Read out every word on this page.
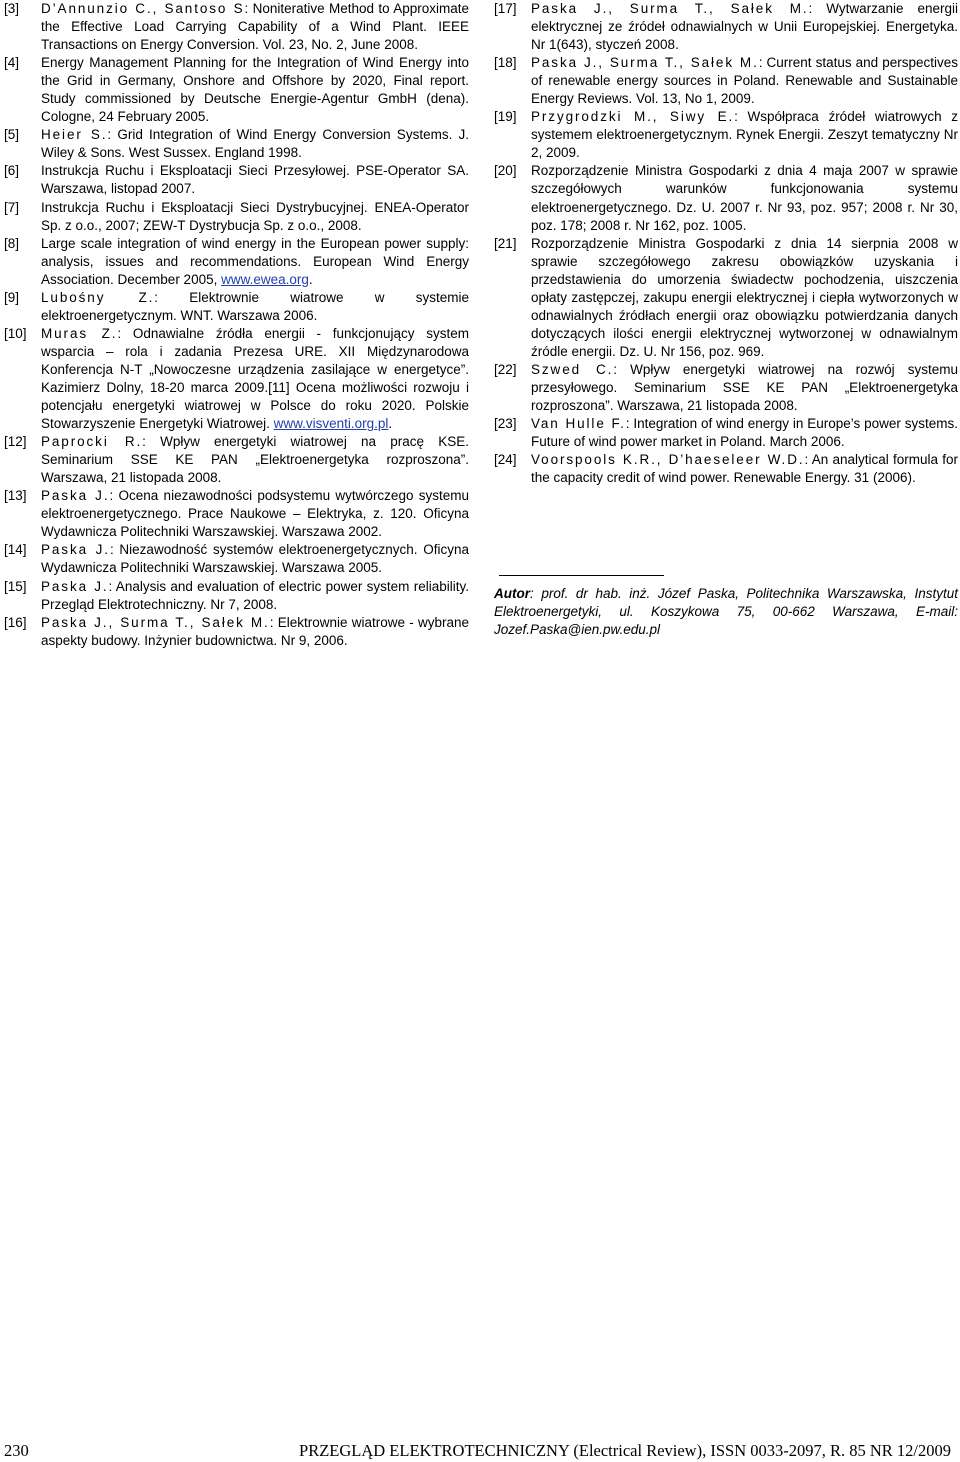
[3] D’Annunzio C., Santoso S: Noniterative Method to Approximate the Effective Load Carrying Capability of a Wind Plant. IEEE Transactions on Energy Conversion. Vol. 23, No. 2, June 2008.

[4] Energy Management Planning for the Integration of Wind Energy into the Grid in Germany, Onshore and Offshore by 2020, Final report. Study commissioned by Deutsche Energie-Agentur GmbH (dena). Cologne, 24 February 2005.

[5] Heier S.: Grid Integration of Wind Energy Conversion Systems. J. Wiley & Sons. West Sussex. England 1998.

[6] Instrukcja Ruchu i Eksploatacji Sieci Przesyłowej. PSE-Operator SA. Warszawa, listopad 2007.

[7] Instrukcja Ruchu i Eksploatacji Sieci Dystrybucyjnej. ENEA-Operator Sp. z o.o., 2007; ZEW-T Dystrybucja Sp. z o.o., 2008.

[8] Large scale integration of wind energy in the European power supply: analysis, issues and recommendations. European Wind Energy Association. December 2005, www.ewea.org.

[9] Lubośny Z.: Elektrownie wiatrowe w systemie elektroenergetycznym. WNT. Warszawa 2006.

[10] Muras Z.: Odnawialne źródła energii - funkcjonujący system wsparcia – rola i zadania Prezesa URE. XII Międzynarodowa Konferencja N-T „Nowoczesne urządzenia zasilające w energetyce”. Kazimierz Dolny, 18-20 marca 2009.[11] Ocena możliwości rozwoju i potencjału energetyki wiatrowej w Polsce do roku 2020. Polskie Stowarzyszenie Energetyki Wiatrowej. www.visventi.org.pl.

[12] Paprocki R.: Wpływ energetyki wiatrowej na pracę KSE. Seminarium SSE KE PAN „Elektroenergetyka rozproszona”. Warszawa, 21 listopada 2008.

[13] Paska J.: Ocena niezawodności podsystemu wytwórczego systemu elektroenergetycznego. Prace Naukowe – Elektryka, z. 120. Oficyna Wydawnicza Politechniki Warszawskiej. Warszawa 2002.

[14] Paska J.: Niezawodność systemów elektroenergetycznych. Oficyna Wydawnicza Politechniki Warszawskiej. Warszawa 2005.

[15] Paska J.: Analysis and evaluation of electric power system reliability. Przegląd Elektrotechniczny. Nr 7, 2008.

[16] Paska J., Surma T., Sałek M.: Elektrownie wiatrowe - wybrane aspekty budowy. Inżynier budownictwa. Nr 9, 2006.

[17] Paska J., Surma T., Sałek M.: Wytwarzanie energii elektrycznej ze źródeł odnawialnych w Unii Europejskiej. Energetyka. Nr 1(643), styczeń 2008.

[18] Paska J., Surma T., Sałek M.: Current status and perspectives of renewable energy sources in Poland. Renewable and Sustainable Energy Reviews. Vol. 13, No 1, 2009.

[19] Przygrodzki M., Siwy E.: Współpraca źródeł wiatrowych z systemem elektroenergetycznym. Rynek Energii. Zeszyt tematyczny Nr 2, 2009.

[20] Rozporządzenie Ministra Gospodarki z dnia 4 maja 2007 w sprawie szczegółowych warunków funkcjonowania systemu elektroenergetycznego. Dz. U. 2007 r. Nr 93, poz. 957; 2008 r. Nr 30, poz. 178; 2008 r. Nr 162, poz. 1005.

[21] Rozporządzenie Ministra Gospodarki z dnia 14 sierpnia 2008 w sprawie szczegółowego zakresu obowiązków uzyskania i przedstawienia do umorzenia świadectw pochodzenia, uiszczenia opłaty zastępczej, zakupu energii elektrycznej i ciepła wytworzonych w odnawialnych źródłach energii oraz obowiązku potwierdzania danych dotyczących ilości energii elektrycznej wytworzonej w odnawialnym źródle energii. Dz. U. Nr 156, poz. 969.

[22] Szwed C.: Wpływ energetyki wiatrowej na rozwój systemu przesyłowego. Seminarium SSE KE PAN „Elektroenergetyka rozproszona”. Warszawa, 21 listopada 2008.

[23] Van Hulle F.: Integration of wind energy in Europe’s power systems. Future of wind power market in Poland. March 2006.

[24] Voorspools K.R., D’haeseleer W.D.: An analytical formula for the capacity credit of wind power. Renewable Energy. 31 (2006).

Autor: prof. dr hab. inż. Józef Paska, Politechnika Warszawska, Instytut Elektroenergetyki, ul. Koszykowa 75, 00-662 Warszawa, E-mail: Jozef.Paska@ien.pw.edu.pl
230	PRZEGLĄD ELEKTROTECHNICZNY (Electrical Review), ISSN 0033-2097, R. 85 NR 12/2009
